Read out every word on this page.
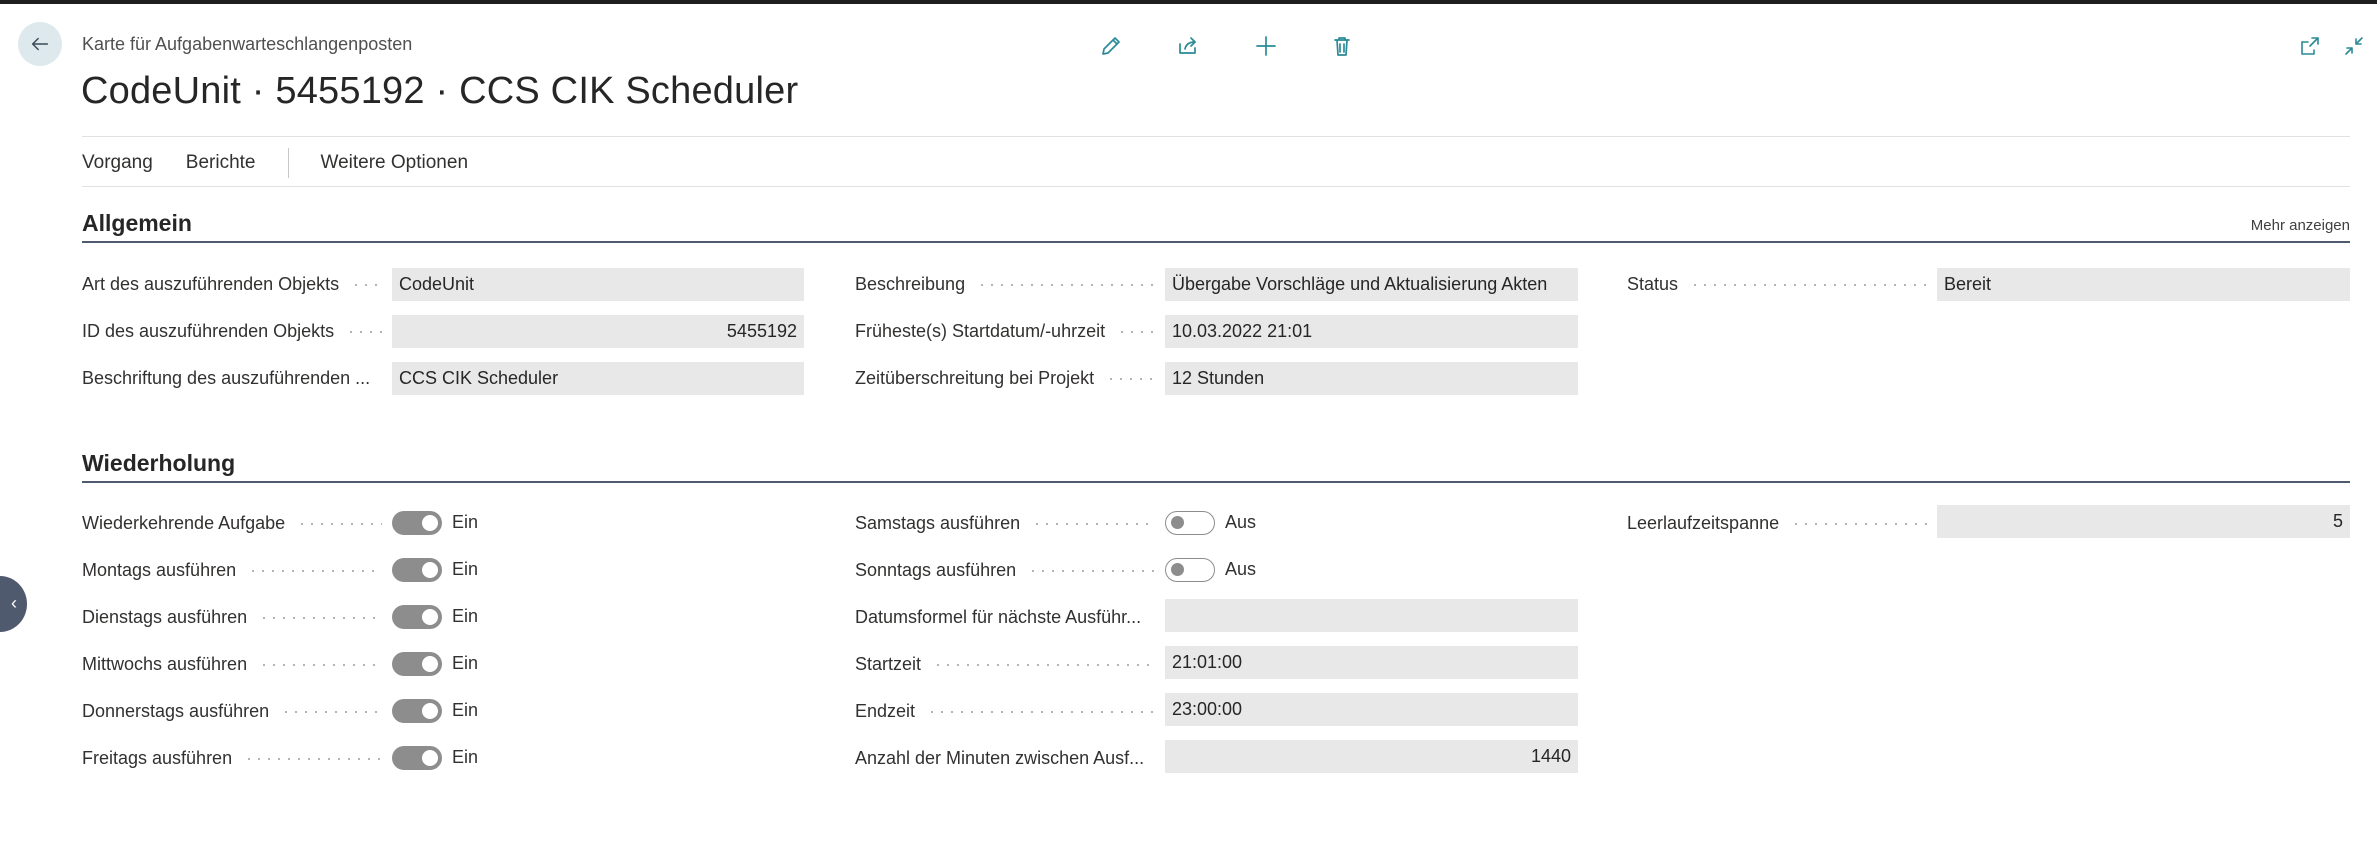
Karte für Aufgabenwarteschlangenposten
CodeUnit · 5455192 · CCS CIK Scheduler
Vorgang Berichte	Weitere Optionen
Allgemein	Mehr anzeigen
Art des auszuführenden Objekts	CodeUnit
ID des auszuführenden Objekts	5455192
Beschriftung des auszuführenden ...	CCS CIK Scheduler
Beschreibung	Übergabe Vorschläge und Aktualisierung Akten
Früheste(s) Startdatum/-uhrzeit	10.03.2022 21:01
Zeitüberschreitung bei Projekt	12 Stunden
Status	Bereit
Wiederholung
Wiederkehrende Aufgabe	Ein
Montags ausführen	Ein
Dienstags ausführen	Ein
Mittwochs ausführen	Ein
Donnerstags ausführen	Ein
Freitags ausführen	Ein
Samstags ausführen	Aus
Sonntags ausführen	Aus
Datumsformel für nächste Ausführ...
Startzeit	21:01:00
Endzeit	23:00:00
Anzahl der Minuten zwischen Ausf...	1440
Leerlaufzeitspanne	5
‹
